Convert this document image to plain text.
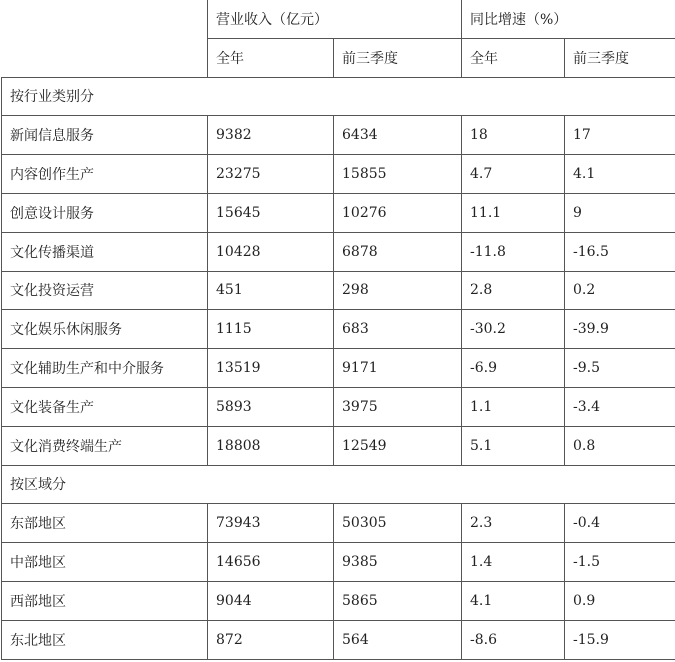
	营业收入（亿元）		同比增速（%）	
	全年	前三季度	全年	前三季度
按行业类别分				
新闻信息服务	9382	6434	18	17
内容创作生产	23275	15855	4.7	4.1
创意设计服务	15645	10276	11.1	9
文化传播渠道	10428	6878	-11.8	-16.5
文化投资运营	451	298	2.8	0.2
文化娱乐休闲服务	1115	683	-30.2	-39.9
文化辅助生产和中介服务	13519	9171	-6.9	-9.5
文化装备生产	5893	3975	1.1	-3.4
文化消费终端生产	18808	12549	5.1	0.8
按区域分				
东部地区	73943	50305	2.3	-0.4
中部地区	14656	9385	1.4	-1.5
西部地区	9044	5865	4.1	0.9
东北地区	872	564	-8.6	-15.9
